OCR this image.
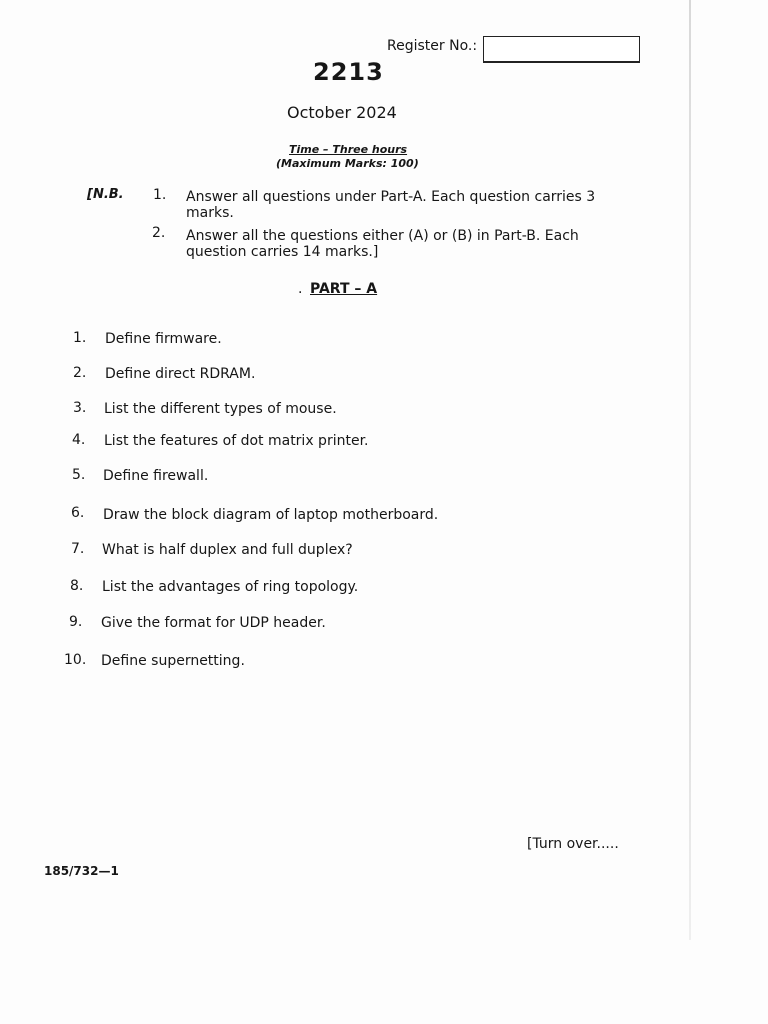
Register No.:
2213
October 2024
Time – Three hours
(Maximum Marks: 100)
[N.B. 1. Answer all questions under Part-A. Each question carries 3 marks.
2. Answer all the questions either (A) or (B) in Part-B. Each question carries 14 marks.]
. PART – A
1. Define firmware.
2. Define direct RDRAM.
3. List the different types of mouse.
4. List the features of dot matrix printer.
5. Define firewall.
6. Draw the block diagram of laptop motherboard.
7. What is half duplex and full duplex?
8. List the advantages of ring topology.
9. Give the format for UDP header.
10. Define supernetting.
[Turn over.....
185/732—1
